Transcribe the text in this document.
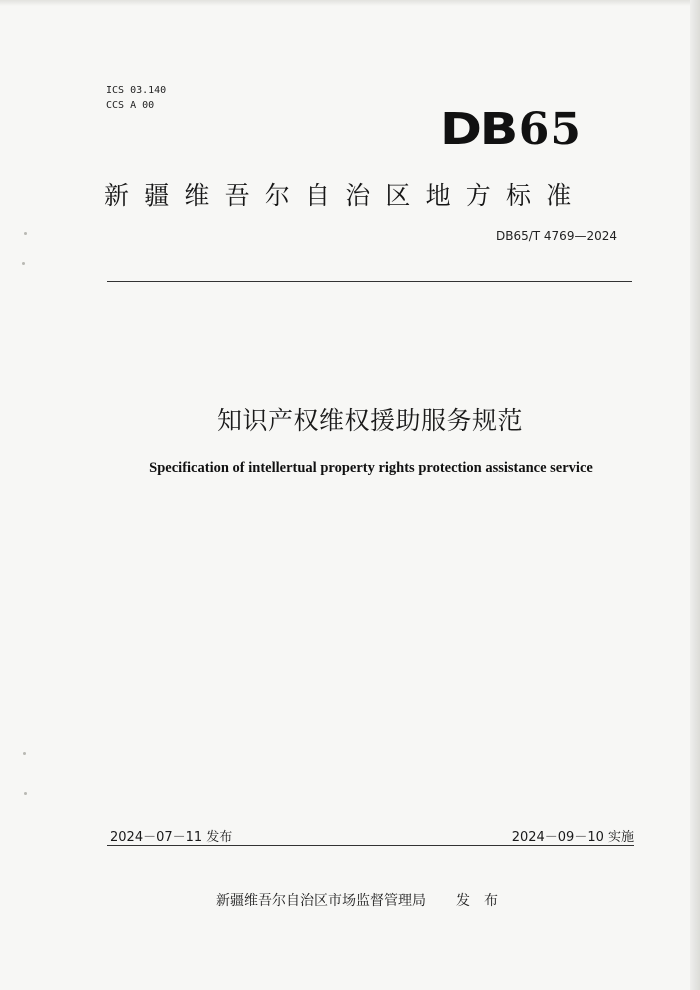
ICS 03.140
CCS A 00	DB65
新疆维吾尔自治区地方标准
DB65/T 4769—2024
知识产权维权援助服务规范
Specification of intellertual property rights protection assistance service
2024－07－11 发布	2024－09－10 实施
新疆维吾尔自治区市场监督管理局 发布
